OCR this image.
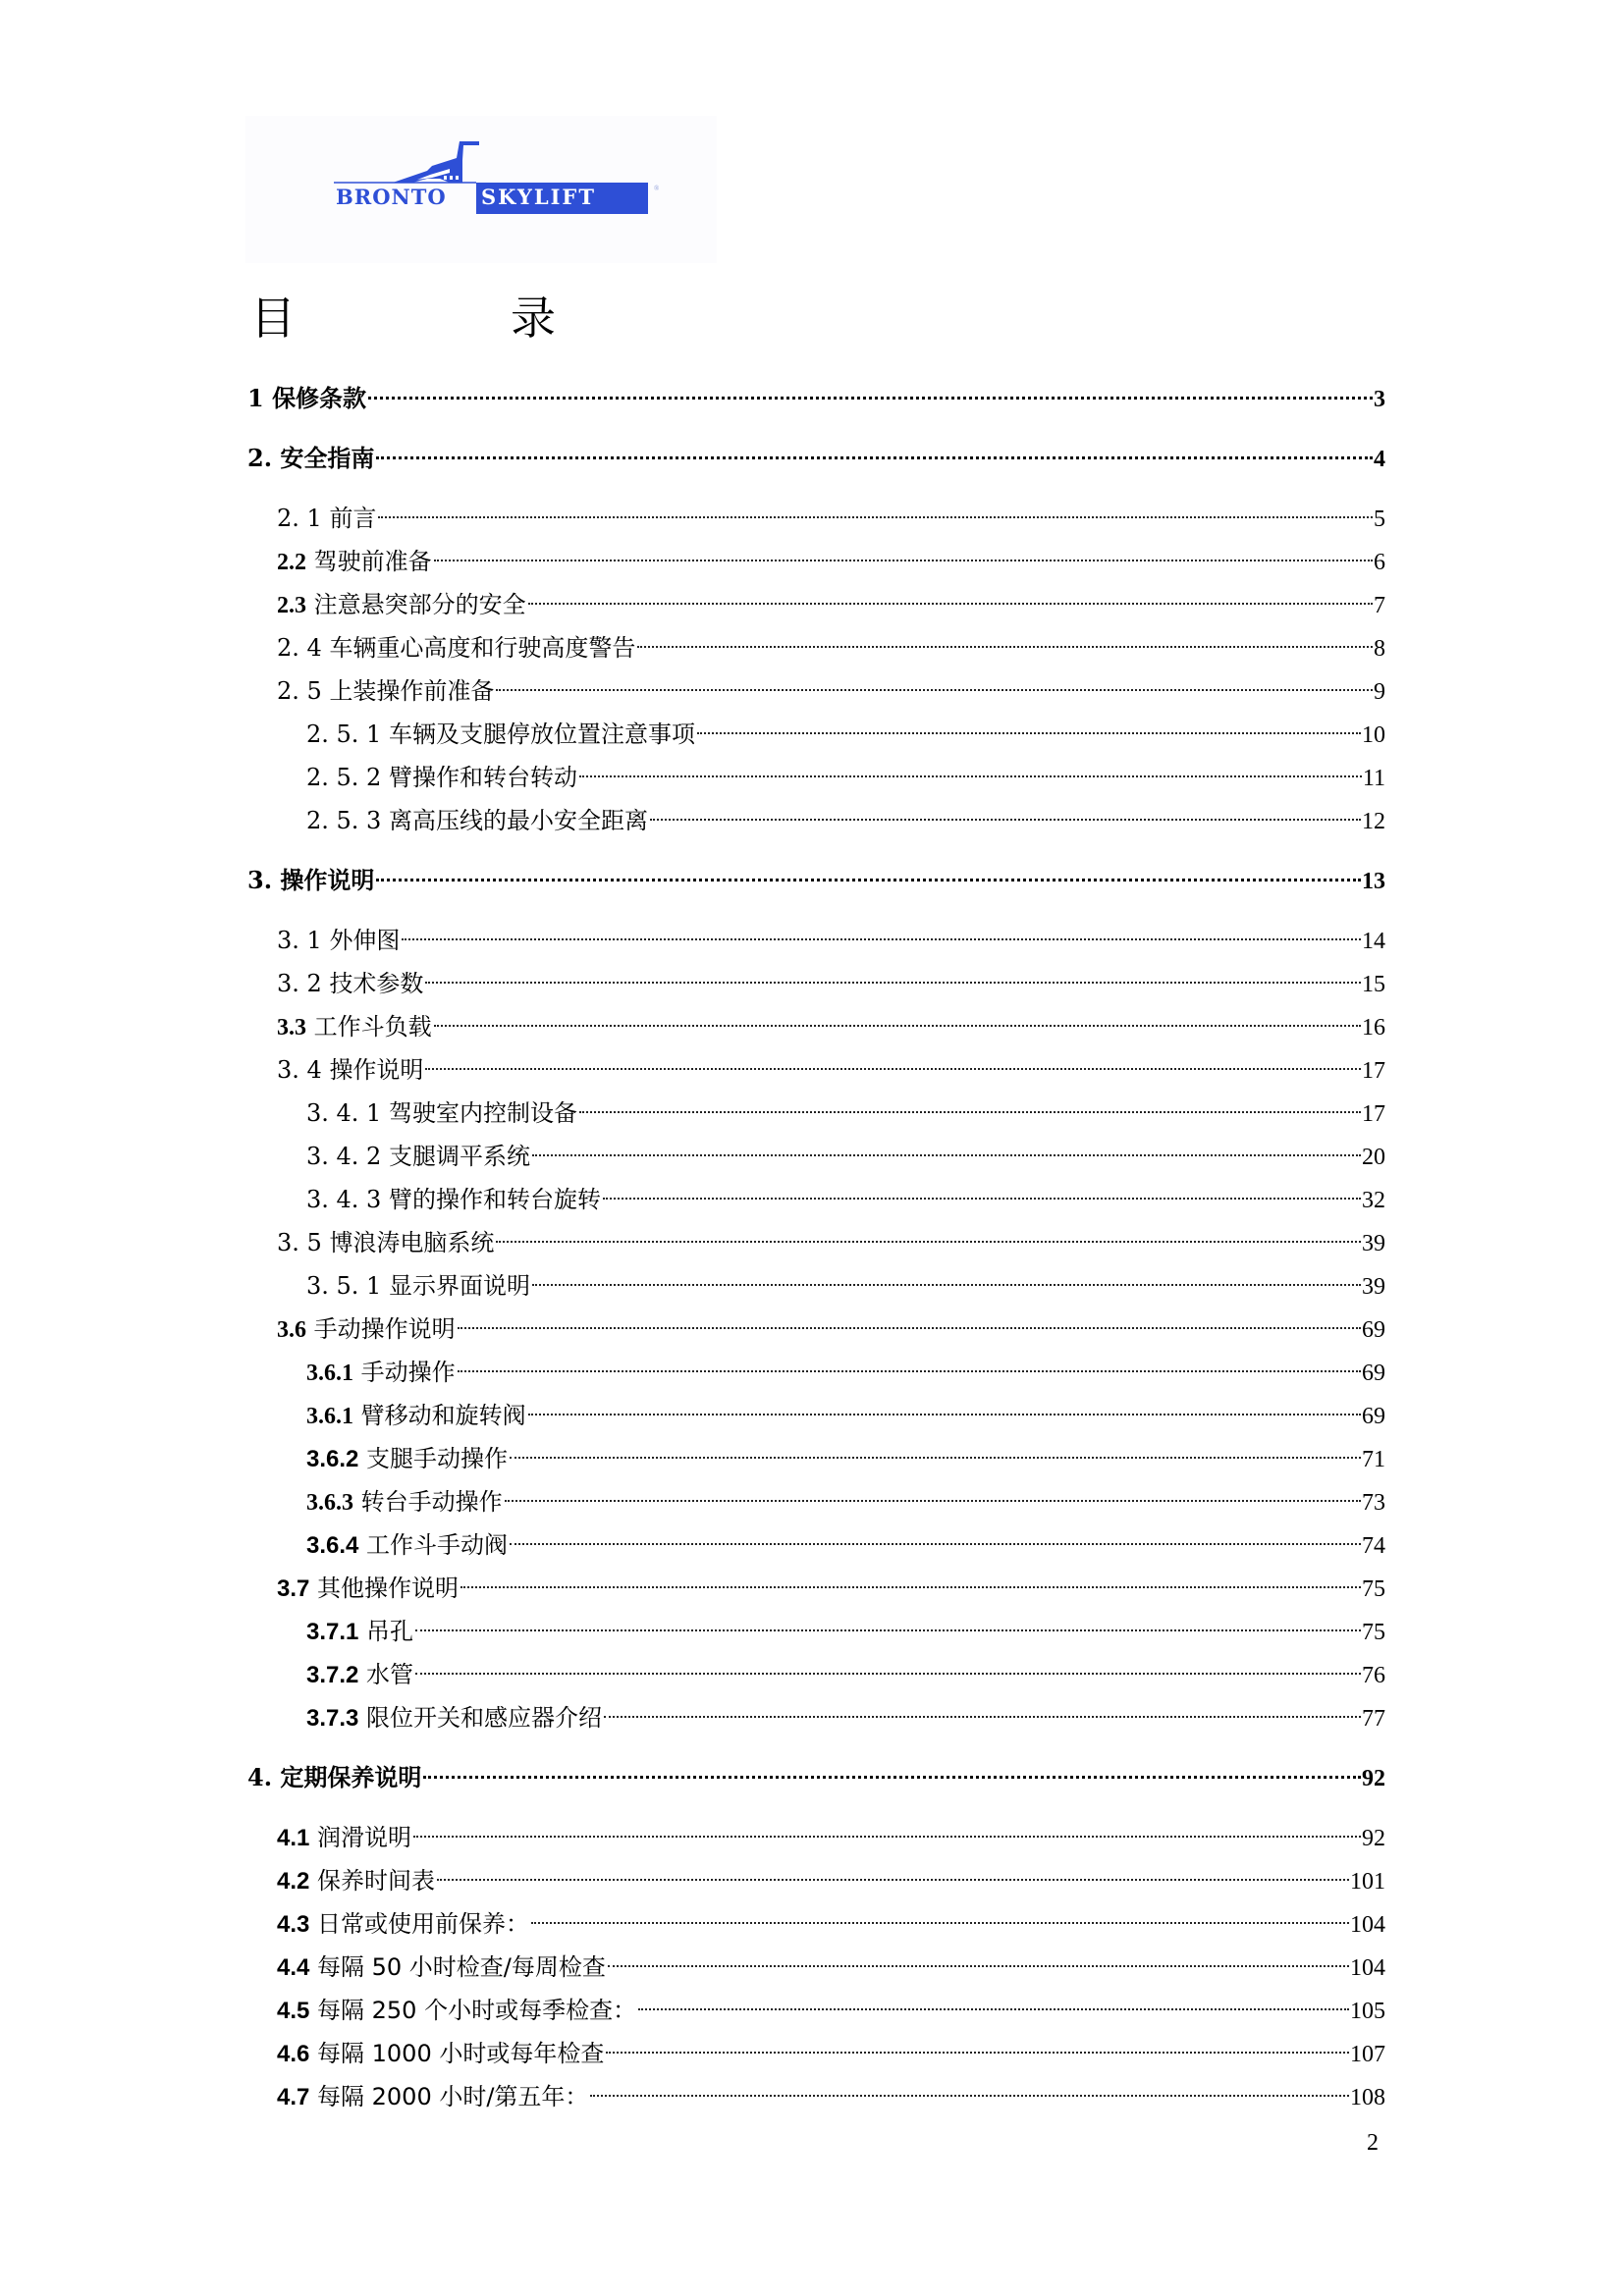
BRONTO SKYLIFT	®
目	录
1 保修条款	3
2. 安全指南	4
2. 1 前言	5
2.2 驾驶前准备	6
2.3 注意悬突部分的安全	7
2. 4 车辆重心高度和行驶高度警告	8
2. 5 上装操作前准备	9
2. 5. 1 车辆及支腿停放位置注意事项	10
2. 5. 2 臂操作和转台转动	11
2. 5. 3 离高压线的最小安全距离	12
3. 操作说明	13
3. 1 外伸图	14
3. 2 技术参数	15
3.3 工作斗负载	16
3. 4 操作说明	17
3. 4. 1 驾驶室内控制设备	17
3. 4. 2 支腿调平系统	20
3. 4. 3 臂的操作和转台旋转	32
3. 5 博浪涛电脑系统	39
3. 5. 1 显示界面说明	39
3.6 手动操作说明	69
3.6.1 手动操作	69
3.6.1 臂移动和旋转阀	69
3.6.2 支腿手动操作	71
3.6.3 转台手动操作	73
3.6.4 工作斗手动阀	74
3.7 其他操作说明	75
3.7.1 吊孔	75
3.7.2 水管	76
3.7.3 限位开关和感应器介绍	77
4. 定期保养说明	92
4.1 润滑说明	92
4.2 保养时间表	101
4.3 日常或使用前保养：	104
4.4 每隔 50 小时检查/每周检查	104
4.5 每隔 250 个小时或每季检查：	105
4.6 每隔 1000 小时或每年检查	107
4.7 每隔 2000 小时/第五年：	108
2
